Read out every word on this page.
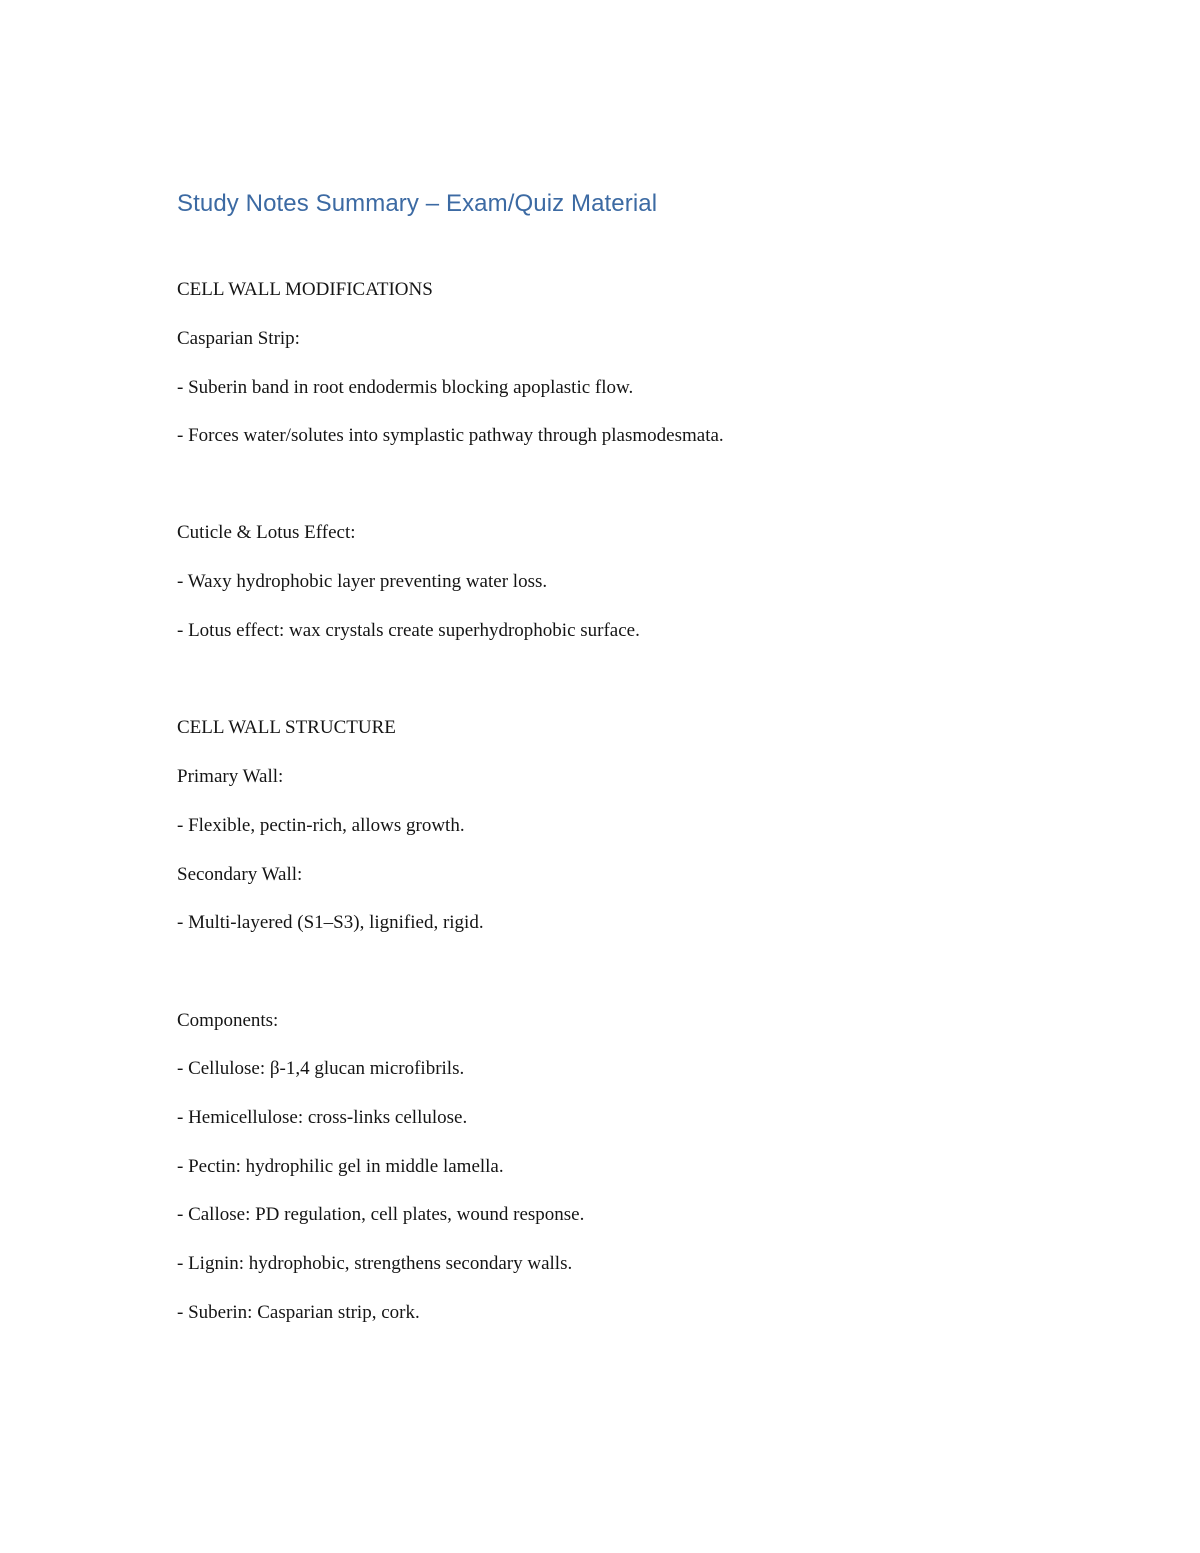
Study Notes Summary – Exam/Quiz Material

CELL WALL MODIFICATIONS

Casparian Strip:

- Suberin band in root endodermis blocking apoplastic flow.

- Forces water/solutes into symplastic pathway through plasmodesmata.

Cuticle & Lotus Effect:

- Waxy hydrophobic layer preventing water loss.

- Lotus effect: wax crystals create superhydrophobic surface.

CELL WALL STRUCTURE

Primary Wall:

- Flexible, pectin-rich, allows growth.

Secondary Wall:

- Multi-layered (S1–S3), lignified, rigid.

Components:

- Cellulose: β-1,4 glucan microfibrils.

- Hemicellulose: cross-links cellulose.

- Pectin: hydrophilic gel in middle lamella.

- Callose: PD regulation, cell plates, wound response.

- Lignin: hydrophobic, strengthens secondary walls.

- Suberin: Casparian strip, cork.
